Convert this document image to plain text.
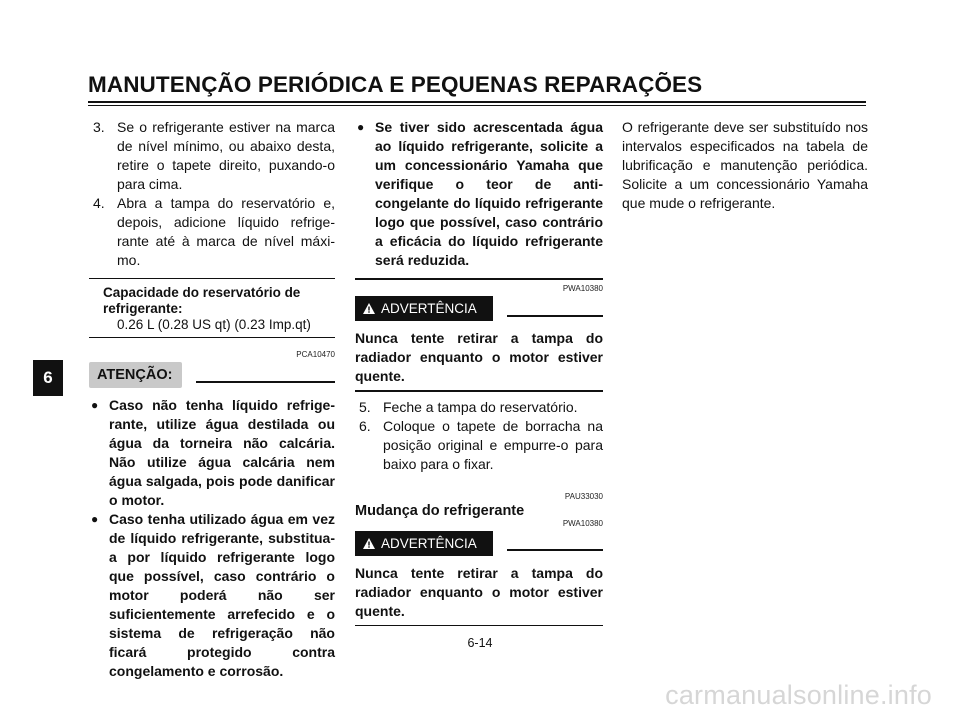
MANUTENÇÃO PERIÓDICA E PEQUENAS REPARAÇÕES
6
3. Se o refrigerante estiver na marca de nível mínimo, ou abaixo desta, retire o tapete direito, puxando-o para cima.
4. Abra a tampa do reservatório e, depois, adicione líquido refrigerante até à marca de nível máximo.
Capacidade do reservatório de refrigerante:
0.26 L (0.28 US qt) (0.23 Imp.qt)
PCA10470
ATENÇÃO:
● Caso não tenha líquido refrigerante, utilize água destilada ou água da torneira não calcária. Não utilize água calcária nem água salgada, pois pode danificar o motor.
● Caso tenha utilizado água em vez de líquido refrigerante, substitua-a por líquido refrigerante logo que possível, caso contrário o motor poderá não ser suficientemente arrefecido e o sistema de refrigeração não ficará protegido contra congelamento e corrosão.
● Se tiver sido acrescentada água ao líquido refrigerante, solicite a um concessionário Yamaha que verifique o teor de anti-congelante do líquido refrigerante logo que possível, caso contrário a eficácia do líquido refrigerante será reduzida.
PWA10380
ADVERTÊNCIA
Nunca tente retirar a tampa do radiador enquanto o motor estiver quente.
5. Feche a tampa do reservatório.
6. Coloque o tapete de borracha na posição original e empurre-o para baixo para o fixar.
PAU33030
Mudança do refrigerante
PWA10380
ADVERTÊNCIA
Nunca tente retirar a tampa do radiador enquanto o motor estiver quente.
O refrigerante deve ser substituído nos intervalos especificados na tabela de lubrificação e manutenção periódica. Solicite a um concessionário Yamaha que mude o refrigerante.
6-14
carmanualsonline.info
